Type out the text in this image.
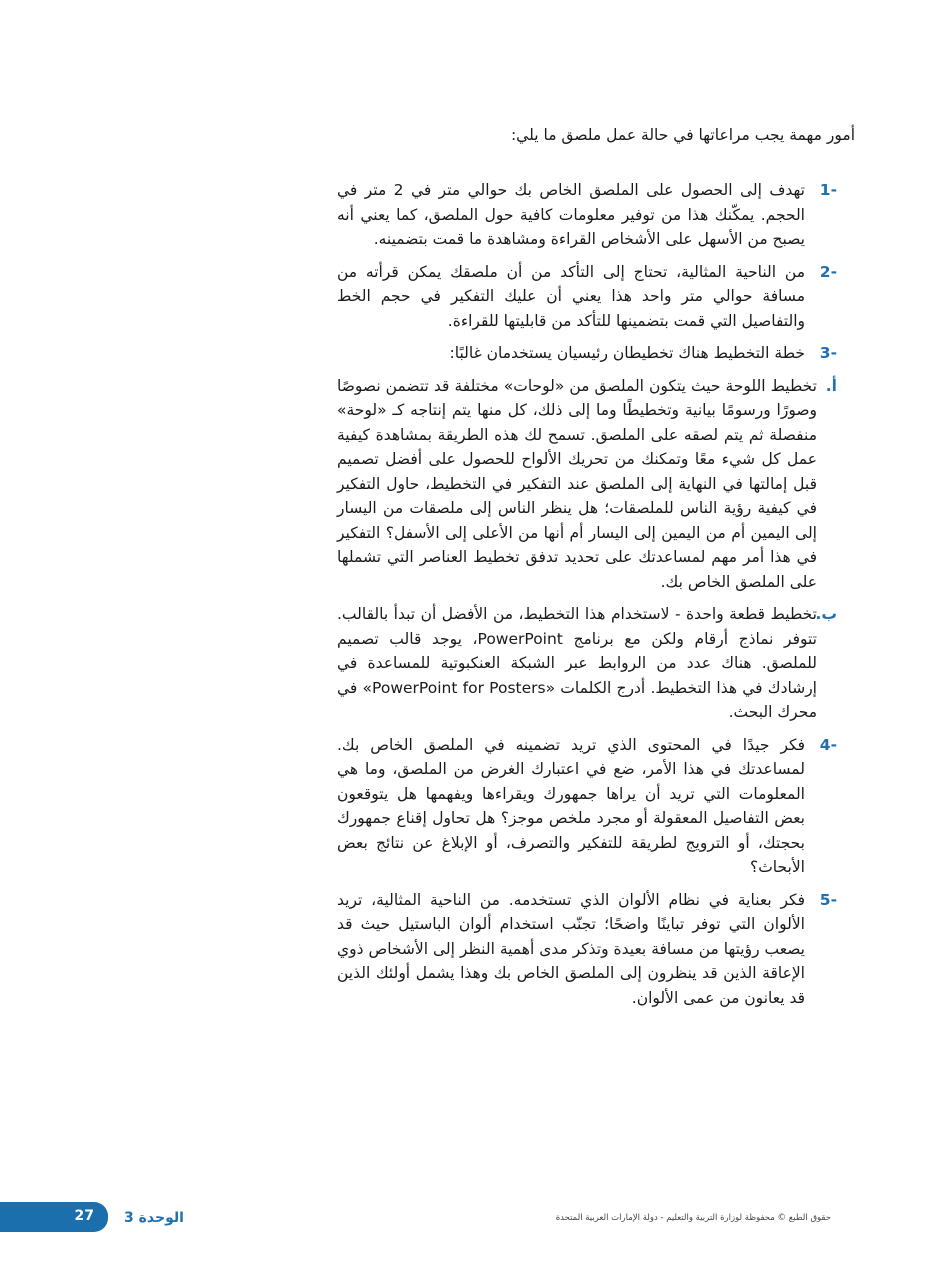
أمور مهمة يجب مراعاتها في حالة عمل ملصق ما يلي:

-1
تهدف إلى الحصول على الملصق الخاص بك حوالي متر في 2 متر في الحجم. يمكّنك هذا من توفير معلومات كافية حول الملصق، كما يعني أنه يصبح من الأسهل على الأشخاص القراءة ومشاهدة ما قمت بتضمينه.
-2
من الناحية المثالية، تحتاج إلى التأكد من أن ملصقك يمكن قرأته من مسافة حوالي متر واحد هذا يعني أن عليك التفكير في حجم الخط والتفاصيل التي قمت بتضمينها للتأكد من قابليتها للقراءة.
-3
خطة التخطيط هناك تخطيطان رئيسيان يستخدمان غالبًا:
أ.
تخطيط اللوحة حيث يتكون الملصق من «لوحات» مختلفة قد تتضمن نصوصًا وصورًا ورسومًا بيانية وتخطيطًا وما إلى ذلك، كل منها يتم إنتاجه كـ «لوحة» منفصلة ثم يتم لصقه على الملصق. تسمح لك هذه الطريقة بمشاهدة كيفية عمل كل شيء معًا وتمكنك من تحريك الألواح للحصول على أفضل تصميم قبل إمالتها في النهاية إلى الملصق عند التفكير في التخطيط، حاول التفكير في كيفية رؤية الناس للملصقات؛ هل ينظر الناس إلى ملصقات من اليسار إلى اليمين أم من اليمين إلى اليسار أم أنها من الأعلى إلى الأسفل؟ التفكير في هذا أمر مهم لمساعدتك على تحديد تدفق تخطيط العناصر التي تشملها على الملصق الخاص بك.
ب.
تخطيط قطعة واحدة - لاستخدام هذا التخطيط، من الأفضل أن تبدأ بالقالب. تتوفر نماذج أرقام ولكن مع برنامج PowerPoint، يوجد قالب تصميم للملصق. هناك عدد من الروابط عبر الشبكة العنكبوتية للمساعدة في إرشادك في هذا التخطيط. أدرج الكلمات «PowerPoint for Posters» في محرك البحث.
-4
فكر جيدًا في المحتوى الذي تريد تضمينه في الملصق الخاص بك. لمساعدتك في هذا الأمر، ضع في اعتبارك الغرض من الملصق، وما هي المعلومات التي تريد أن يراها جمهورك ويقراءها ويفهمها هل يتوقعون بعض التفاصيل المعقولة أو مجرد ملخص موجز؟ هل تحاول إقناع جمهورك بحجتك، أو الترويج لطريقة للتفكير والتصرف، أو الإبلاغ عن نتائج بعض الأبحاث؟
-5
فكر بعناية في نظام الألوان الذي تستخدمه. من الناحية المثالية، تريد الألوان التي توفر تباينًا واضحًا؛ تجنّب استخدام ألوان الباستيل حيث قد يصعب رؤيتها من مسافة بعيدة وتذكر مدى أهمية النظر إلى الأشخاص ذوي الإعاقة الذين قد ينظرون إلى الملصق الخاص بك وهذا يشمل أولئك الذين قد يعانون من عمى الألوان.
27 الوحدة 3	حقوق الطبع © محفوظة لوزارة التربية والتعليم - دولة الإمارات العربية المتحدة
